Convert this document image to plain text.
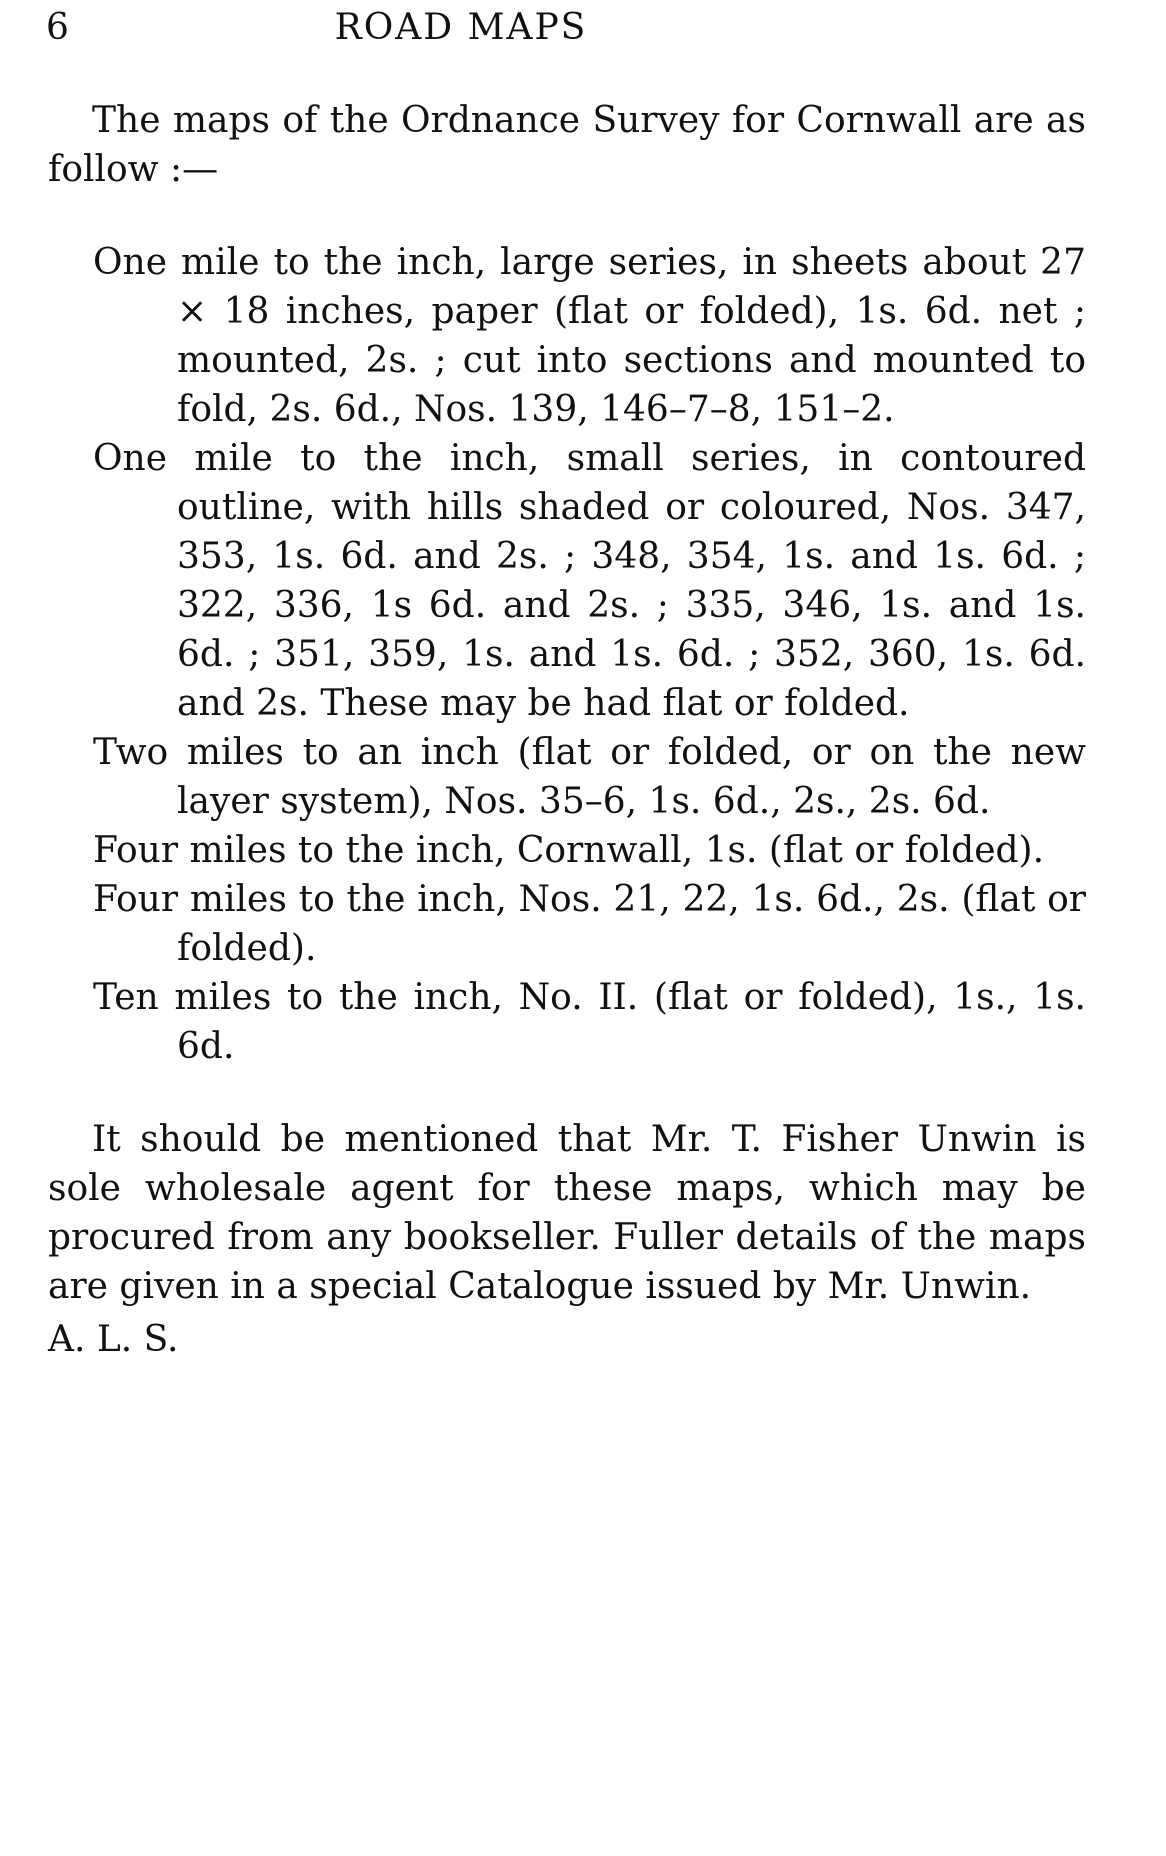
6	ROAD MAPS

The maps of the Ordnance Survey for Cornwall are as follow :—

One mile to the inch, large series, in sheets about 27 × 18 inches, paper (flat or folded), 1s. 6d. net ; mounted, 2s. ; cut into sections and mounted to fold, 2s. 6d., Nos. 139, 146–7–8, 151–2.
One mile to the inch, small series, in contoured outline, with hills shaded or coloured, Nos. 347, 353, 1s. 6d. and 2s. ; 348, 354, 1s. and 1s. 6d. ; 322, 336, 1s 6d. and 2s. ; 335, 346, 1s. and 1s. 6d. ; 351, 359, 1s. and 1s. 6d. ; 352, 360, 1s. 6d. and 2s. These may be had flat or folded.
Two miles to an inch (flat or folded, or on the new layer system), Nos. 35–6, 1s. 6d., 2s., 2s. 6d.
Four miles to the inch, Cornwall, 1s. (flat or folded).
Four miles to the inch, Nos. 21, 22, 1s. 6d., 2s. (flat or folded).
Ten miles to the inch, No. II. (flat or folded), 1s., 1s. 6d.

It should be mentioned that Mr. T. Fisher Unwin is sole wholesale agent for these maps, which may be procured from any bookseller. Fuller details of the maps are given in a special Catalogue issued by Mr. Unwin.

A. L. S.
